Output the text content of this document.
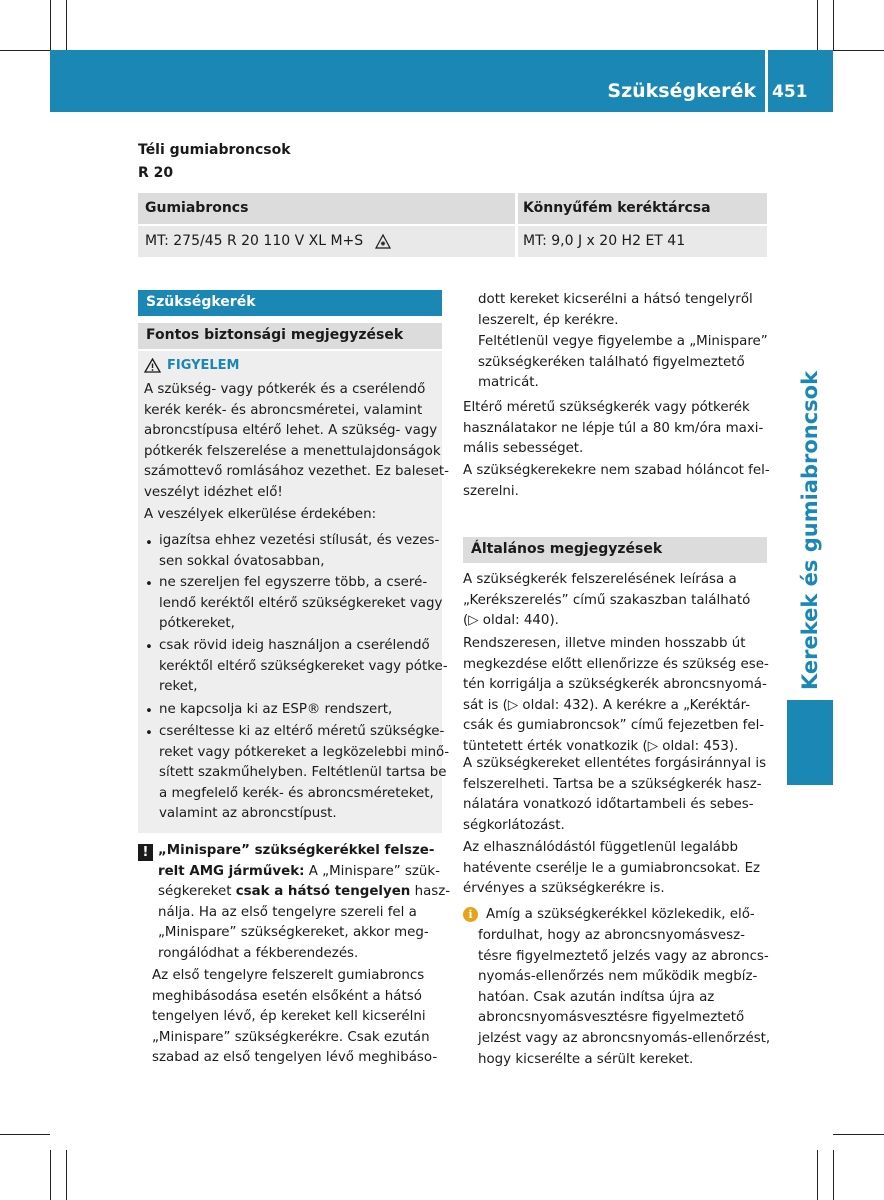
Szükségkerék 451
Kerekek és gumiabroncsok
Téli gumiabroncsok
R 20
Gumiabroncs	Könnyűfém keréktárcsa
MT: 275/45 R 20 110 V XL M+S	MT: 9,0 J x 20 H2 ET 41
Szükségkerék
Fontos biztonsági megjegyzések
FIGYELEM
A szükség- vagy pótkerék és a cserélendő
kerék kerék- és abroncsméretei, valamint
abroncstípusa eltérő lehet. A szükség- vagy
pótkerék felszerelése a menettulajdonságok
számottevő romlásához vezethet. Ez baleset-
veszélyt idézhet elő!
A veszélyek elkerülése érdekében:
• igazítsa ehhez vezetési stílusát, és vezes-
sen sokkal óvatosabban,
• ne szereljen fel egyszerre több, a cseré-
lendő keréktől eltérő szükségkereket vagy
pótkereket,
• csak rövid ideig használjon a cserélendő
keréktől eltérő szükségkereket vagy pótke-
reket,
• ne kapcsolja ki az ESP® rendszert,
• cseréltesse ki az eltérő méretű szükségke-
reket vagy pótkereket a legközelebbi minő-
sített szakműhelyben. Feltétlenül tartsa be
a megfelelő kerék- és abroncsméreteket,
valamint az abroncstípust.
! „Minispare” szükségkerékkel felsze-
relt AMG járművek: A „Minispare” szük-
ségkereket csak a hátsó tengelyen hasz-
nálja. Ha az első tengelyre szereli fel a
„Minispare” szükségkereket, akkor meg-
rongálódhat a fékberendezés.
Az első tengelyre felszerelt gumiabroncs
meghibásodása esetén elsőként a hátsó
tengelyen lévő, ép kereket kell kicserélni
„Minispare” szükségkerékre. Csak ezután
szabad az első tengelyen lévő meghibáso-
dott kereket kicserélni a hátsó tengelyről
leszerelt, ép kerékre.
Feltétlenül vegye figyelembe a „Minispare”
szükségkeréken található figyelmeztető
matricát.
Eltérő méretű szükségkerék vagy pótkerék
használatakor ne lépje túl a 80 km/óra maxi-
mális sebességet.
A szükségkerekekre nem szabad hóláncot fel-
szerelni.
Általános megjegyzések
A szükségkerék felszerelésének leírása a
„Kerékszerelés” című szakaszban található
(▷ oldal: 440).
Rendszeresen, illetve minden hosszabb út
megkezdése előtt ellenőrizze és szükség ese-
tén korrigálja a szükségkerék abroncsnyomá-
sát is (▷ oldal: 432). A kerékre a „Keréktár-
csák és gumiabroncsok” című fejezetben fel-
tüntetett érték vonatkozik (▷ oldal: 453).
A szükségkereket ellentétes forgásiránnyal is
felszerelheti. Tartsa be a szükségkerék hasz-
nálatára vonatkozó időtartambeli és sebes-
ségkorlátozást.
Az elhasználódástól függetlenül legalább
hatévente cserélje le a gumiabroncsokat. Ez
érvényes a szükségkerékre is.
i	Amíg a szükségkerékkel közlekedik, elő-
fordulhat, hogy az abroncsnyomásvesz-
tésre figyelmeztető jelzés vagy az abroncs-
nyomás-ellenőrzés nem működik megbíz-
hatóan. Csak azután indítsa újra az
abroncsnyomásvesztésre figyelmeztető
jelzést vagy az abroncsnyomás-ellenőrzést,
hogy kicserélte a sérült kereket.
